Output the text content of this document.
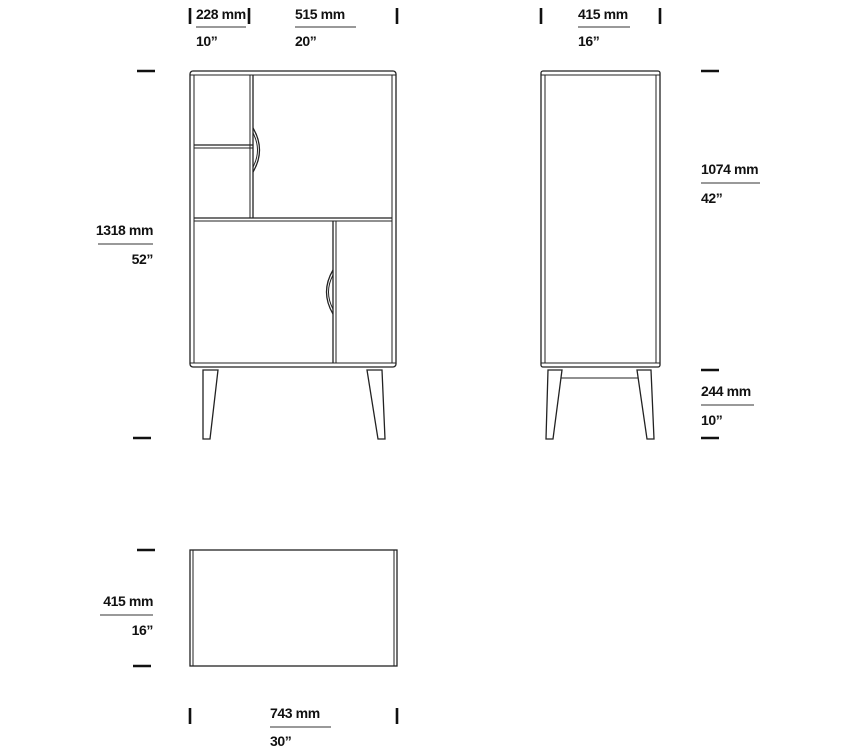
228 mm
10”
515 mm
20”
1318 mm
52”
415 mm
16”
1074 mm
42”
244 mm
10”
415 mm
16”
743 mm
30”
